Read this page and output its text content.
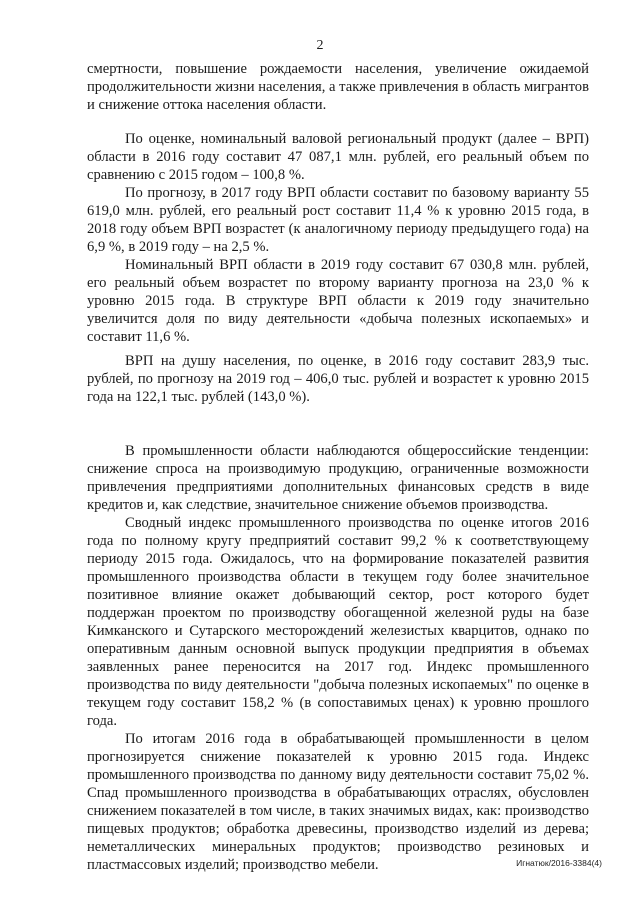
2

смертности, повышение рождаемости населения, увеличение ожидаемой продолжительности жизни населения, а также привлечения в область мигрантов и снижение оттока населения области.

По оценке, номинальный валовой региональный продукт (далее – ВРП) области в 2016 году составит 47 087,1 млн. рублей, его реальный объем по сравнению с 2015 годом – 100,8 %.

По прогнозу, в 2017 году ВРП области составит по базовому варианту 55 619,0 млн. рублей, его реальный рост составит 11,4 % к уровню 2015 года, в 2018 году объем ВРП возрастет (к аналогичному периоду предыдущего года) на 6,9 %, в 2019 году – на 2,5 %.

Номинальный ВРП области в 2019 году составит 67 030,8 млн. рублей, его реальный объем возрастет по второму варианту прогноза на 23,0 % к уровню 2015 года. В структуре ВРП области к 2019 году значительно увеличится доля по виду деятельности «добыча полезных ископаемых» и составит 11,6 %.

ВРП на душу населения, по оценке, в 2016 году составит 283,9 тыс. рублей, по прогнозу на 2019 год – 406,0 тыс. рублей и возрастет к уровню 2015 года на 122,1 тыс. рублей (143,0 %).

В промышленности области наблюдаются общероссийские тенденции: снижение спроса на производимую продукцию, ограниченные возможности привлечения предприятиями дополнительных финансовых средств в виде кредитов и, как следствие, значительное снижение объемов производства.

Сводный индекс промышленного производства по оценке итогов 2016 года по полному кругу предприятий составит 99,2 % к соответствующему периоду 2015 года. Ожидалось, что на формирование показателей развития промышленного производства области в текущем году более значительное позитивное влияние окажет добывающий сектор, рост которого будет поддержан проектом по производству обогащенной железной руды на базе Кимканского и Сутарского месторождений железистых кварцитов, однако по оперативным данным основной выпуск продукции предприятия в объемах заявленных ранее переносится на 2017 год. Индекс промышленного производства по виду деятельности "добыча полезных ископаемых" по оценке в текущем году составит 158,2 % (в сопоставимых ценах) к уровню прошлого года.

По итогам 2016 года в обрабатывающей промышленности в целом прогнозируется снижение показателей к уровню 2015 года. Индекс промышленного производства по данному виду деятельности составит 75,02 %. Спад промышленного производства в обрабатывающих отраслях, обусловлен снижением показателей в том числе, в таких значимых видах, как: производство пищевых продуктов; обработка древесины, производство изделий из дерева; неметаллических минеральных продуктов; производство резиновых и пластмассовых изделий; производство мебели.	Игнатюк/2016-3384(4)
